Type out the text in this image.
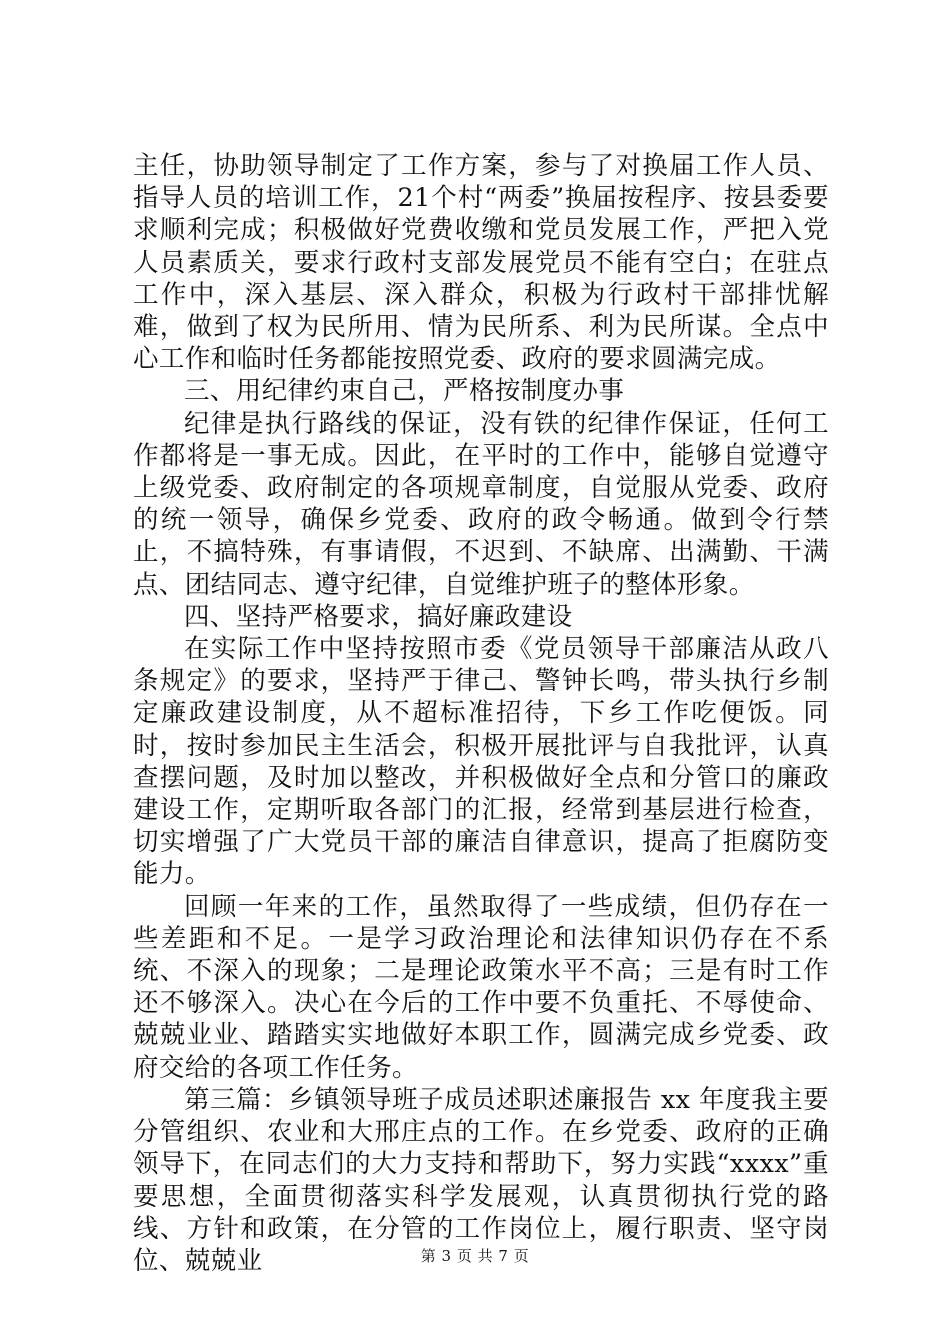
主任，协助领导制定了工作方案，参与了对换届工作人员、指导人员的培训工作，21个村“两委”换届按程序、按县委要求顺利完成；积极做好党费收缴和党员发展工作，严把入党人员素质关，要求行政村支部发展党员不能有空白；在驻点工作中，深入基层、深入群众，积极为行政村干部排忧解难，做到了权为民所用、情为民所系、利为民所谋。全点中心工作和临时任务都能按照党委、政府的要求圆满完成。

三、用纪律约束自己，严格按制度办事

纪律是执行路线的保证，没有铁的纪律作保证，任何工作都将是一事无成。因此，在平时的工作中，能够自觉遵守上级党委、政府制定的各项规章制度，自觉服从党委、政府的统一领导，确保乡党委、政府的政令畅通。做到令行禁止，不搞特殊，有事请假，不迟到、不缺席、出满勤、干满点、团结同志、遵守纪律，自觉维护班子的整体形象。

四、坚持严格要求，搞好廉政建设

在实际工作中坚持按照市委《党员领导干部廉洁从政八条规定》的要求，坚持严于律己、警钟长鸣，带头执行乡制定廉政建设制度，从不超标准招待，下乡工作吃便饭。同时，按时参加民主生活会，积极开展批评与自我批评，认真查摆问题，及时加以整改，并积极做好全点和分管口的廉政建设工作，定期听取各部门的汇报，经常到基层进行检查，切实增强了广大党员干部的廉洁自律意识，提高了拒腐防变能力。

回顾一年来的工作，虽然取得了一些成绩，但仍存在一些差距和不足。一是学习政治理论和法律知识仍存在不系统、不深入的现象；二是理论政策水平不高；三是有时工作还不够深入。决心在今后的工作中要不负重托、不辱使命、兢兢业业、踏踏实实地做好本职工作，圆满完成乡党委、政府交给的各项工作任务。

第三篇：乡镇领导班子成员述职述廉报告 xx 年度我主要分管组织、农业和大邢庄点的工作。在乡党委、政府的正确领导下，在同志们的大力支持和帮助下，努力实践“xxxx”重要思想，全面贯彻落实科学发展观，认真贯彻执行党的路线、方针和政策，在分管的工作岗位上，履行职责、坚守岗位、兢兢业	第 3 页 共 7 页
